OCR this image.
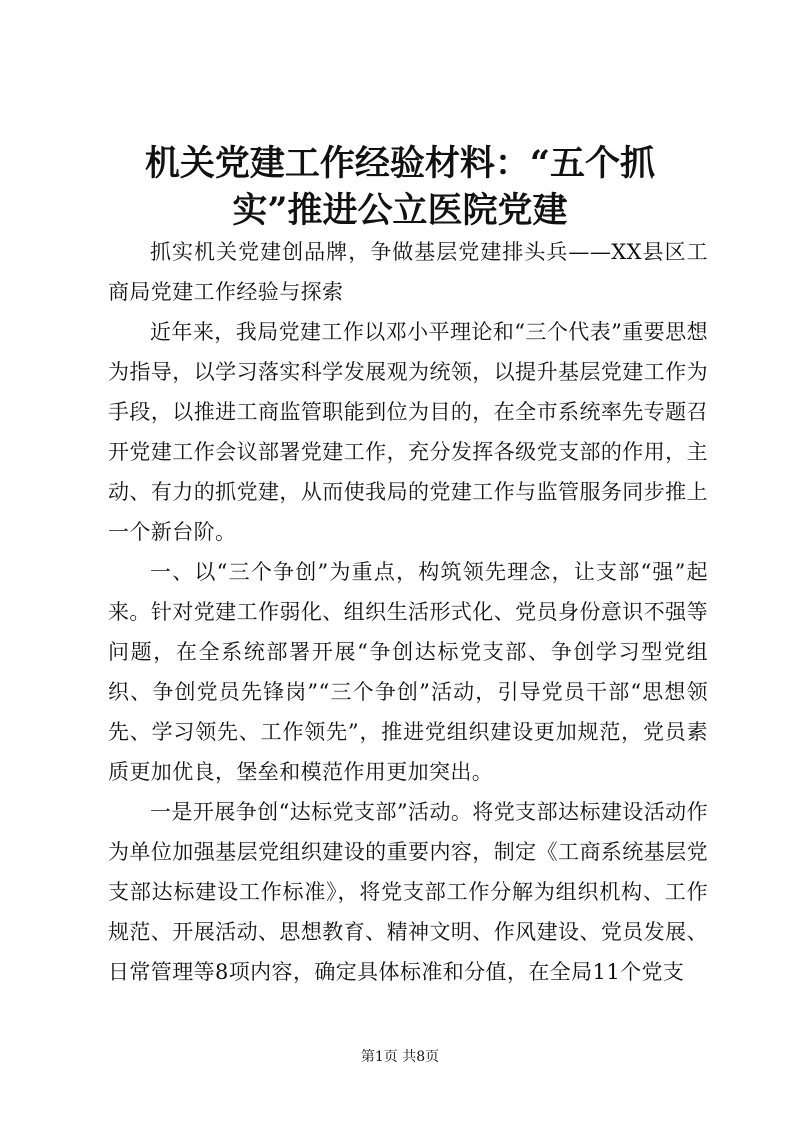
机关党建工作经验材料：“五个抓实”推进公立医院党建

抓实机关党建创品牌，争做基层党建排头兵——XX县区工商局党建工作经验与探索

近年来，我局党建工作以邓小平理论和“三个代表”重要思想为指导，以学习落实科学发展观为统领，以提升基层党建工作为手段，以推进工商监管职能到位为目的，在全市系统率先专题召开党建工作会议部署党建工作，充分发挥各级党支部的作用，主动、有力的抓党建，从而使我局的党建工作与监管服务同步推上一个新台阶。

一、以“三个争创”为重点，构筑领先理念，让支部“强”起来。针对党建工作弱化、组织生活形式化、党员身份意识不强等问题，在全系统部署开展“争创达标党支部、争创学习型党组织、争创党员先锋岗”“三个争创”活动，引导党员干部“思想领先、学习领先、工作领先”，推进党组织建设更加规范，党员素质更加优良，堡垒和模范作用更加突出。

一是开展争创“达标党支部”活动。将党支部达标建设活动作为单位加强基层党组织建设的重要内容，制定《工商系统基层党支部达标建设工作标准》，将党支部工作分解为组织机构、工作规范、开展活动、思想教育、精神文明、作风建设、党员发展、日常管理等8项内容，确定具体标准和分值，在全局11个党支

第1页 共8页
